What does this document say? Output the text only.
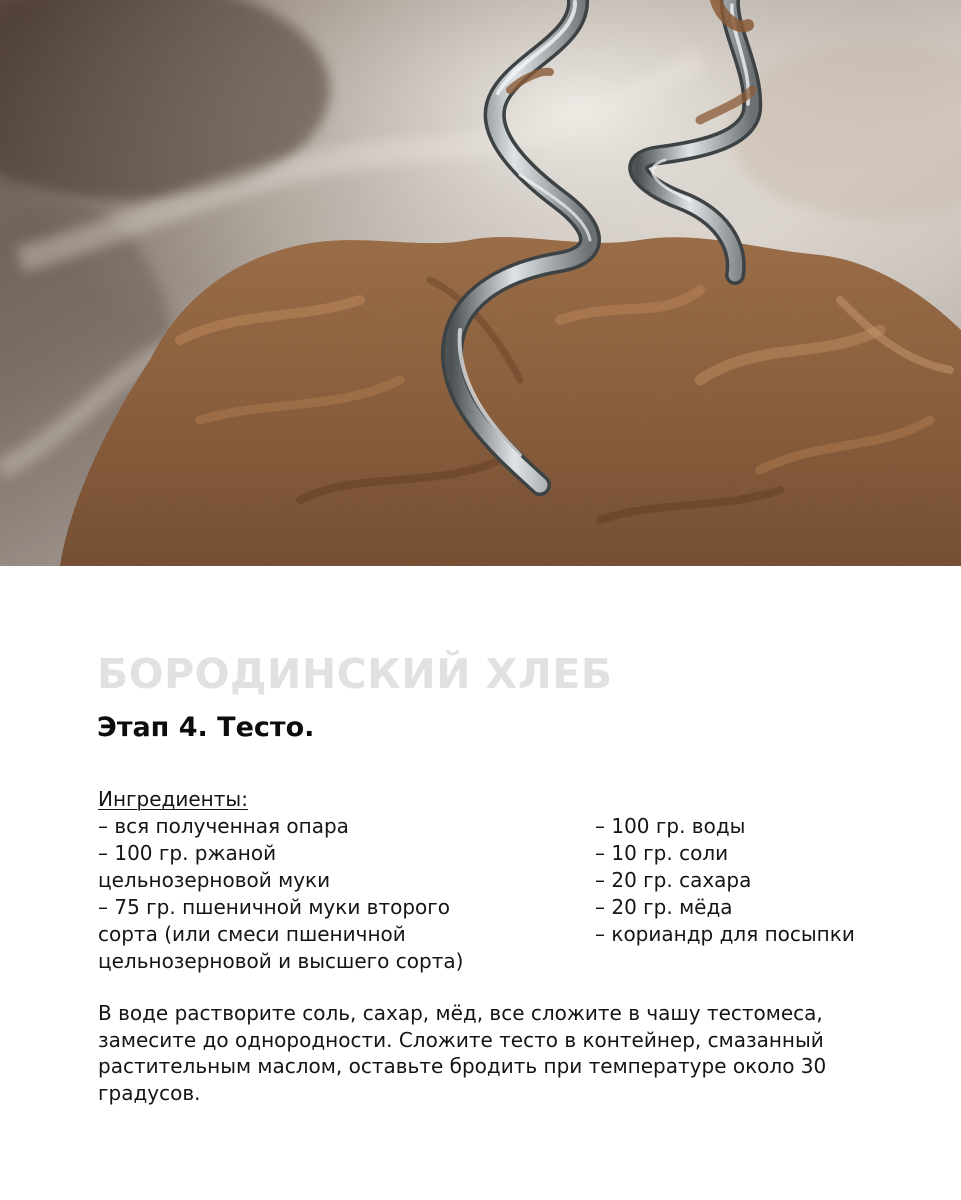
БОРОДИНСКИЙ ХЛЕБ
Этап 4. Тесто.
Ингредиенты:
– вся полученная опара
– 100 гр. ржаной
цельнозерновой муки
– 75 гр. пшеничной муки второго
сорта (или смеси пшеничной
цельнозерновой и высшего сорта)
– 100 гр. воды
– 10 гр. соли
– 20 гр. сахара
– 20 гр. мёда
– кориандр для посыпки
В воде растворите соль, сахар, мёд, все сложите в чашу тестомеса,
замесите до однородности. Сложите тесто в контейнер, смазанный
растительным маслом, оставьте бродить при температуре около 30
градусов.
